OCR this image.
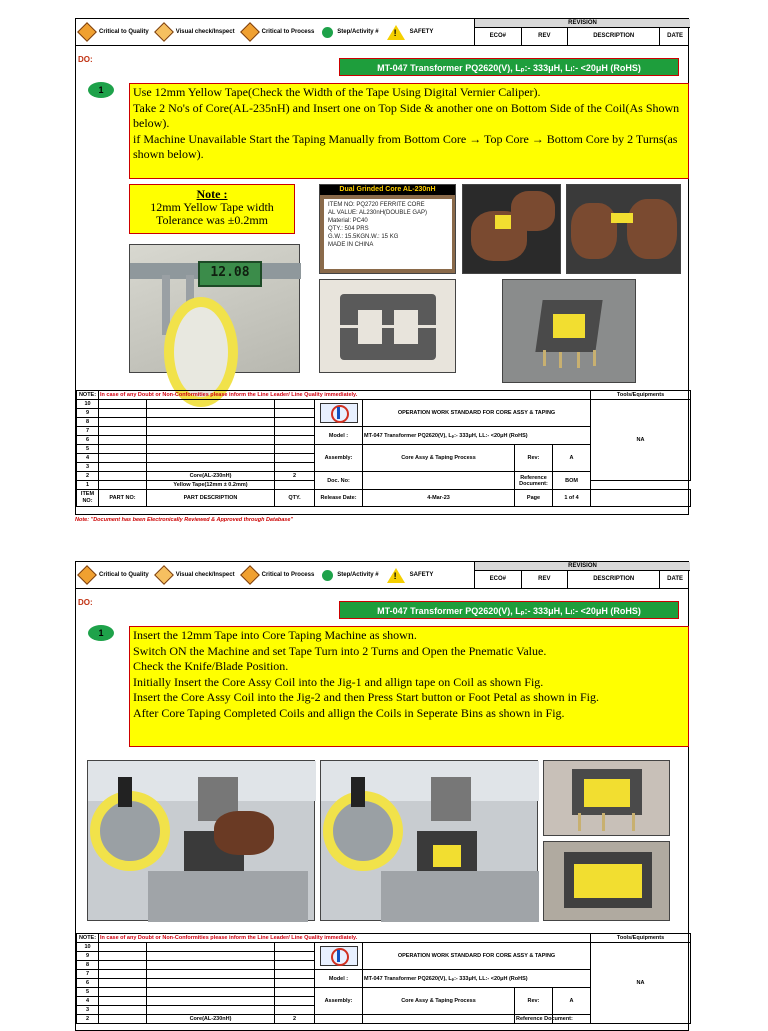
Critical to Quality	Visual check/Inspect	Critical to Process	Step/Activity # !	SAFETY
REVISION
ECO#	REV	DESCRIPTION	DATE
DO:
MT-047 Transformer PQ2620(V), Lₚ:- 333μH, Lₗ:- <20μH (RoHS)
1	Use 12mm Yellow Tape(Check the Width of the Tape Using Digital Vernier Caliper).
Take 2 No's of Core(AL-235nH) and Insert one on Top Side & another one on Bottom Side of the Coil(As Shown below).
if Machine Unavailable Start the Taping Manually from Bottom Core → Top Core → Bottom Core by 2 Turns(as shown below).
Note :
12mm Yellow Tape width
Tolerance was ±0.2mm
12.08
Dual Grinded Core AL-230nH
ITEM NO: PQ2720 FERRITE CORE
AL VALUE: AL230nH(DOUBLE GAP)
Material: PC40
QTY.: 504 PRS
G.W.: 15.5KGN.W.: 15 KG
MADE IN CHINA
NOTE:	In case of any Doubt or Non-Conformities please inform the Line Leader/ Line Quality immediately.							Tools/Equipments
10					OPERATION WORK STANDARD FOR CORE ASSY & TAPING			NA
9								
8								
7				Model :	MT-047 Transformer PQ2620(V), Lₚ:- 333μH, LL:- <20μH (RoHS)			
6								
5				Assembly:	Core Assy & Taping Process	Rev:	A	
4								
3								
2		Core(AL-230nH)	2	Doc. No:		Reference Document:	BOM	
1		Yellow Tape(12mm ± 0.2mm)						
ITEM NO:	PART NO:	PART DESCRIPTION	QTY.	Release Date:	4-Mar-23	Page	1 of 4	
Note: "Document has been Electronically Reviewed & Approved through Database"
Critical to Quality	Visual check/Inspect	Critical to Process	Step/Activity # !	SAFETY
REVISION
ECO#	REV	DESCRIPTION	DATE
DO:
MT-047 Transformer PQ2620(V), Lₚ:- 333μH, Lₗ:- <20μH (RoHS)
1	Insert the 12mm Tape into Core Taping Machine as shown.
Switch ON the Machine and set Tape Turn into 2 Turns and Open the Pnematic Value.
Check the Knife/Blade Position.
Initially Insert the Core Assy Coil into the Jig-1 and allign tape on Coil as shown Fig.
Insert the Core Assy Coil into the Jig-2 and then Press Start button or Foot Petal as shown in Fig.
After Core Taping Completed Coils and allign the Coils in Seperate Bins as shown in Fig.
NOTE:	In case of any Doubt or Non-Conformities please inform the Line Leader/ Line Quality immediately.							Tools/Equipments
10					OPERATION WORK STANDARD FOR CORE ASSY & TAPING			NA
9								
8								
7				Model :	MT-047 Transformer PQ2620(V), Lₚ:- 333μH, LL:- <20μH (RoHS)			
6								
5				Assembly:	Core Assy & Taping Process	Rev:	A	
4								
3								
2		Core(AL-230nH)	2			Reference Document:		
